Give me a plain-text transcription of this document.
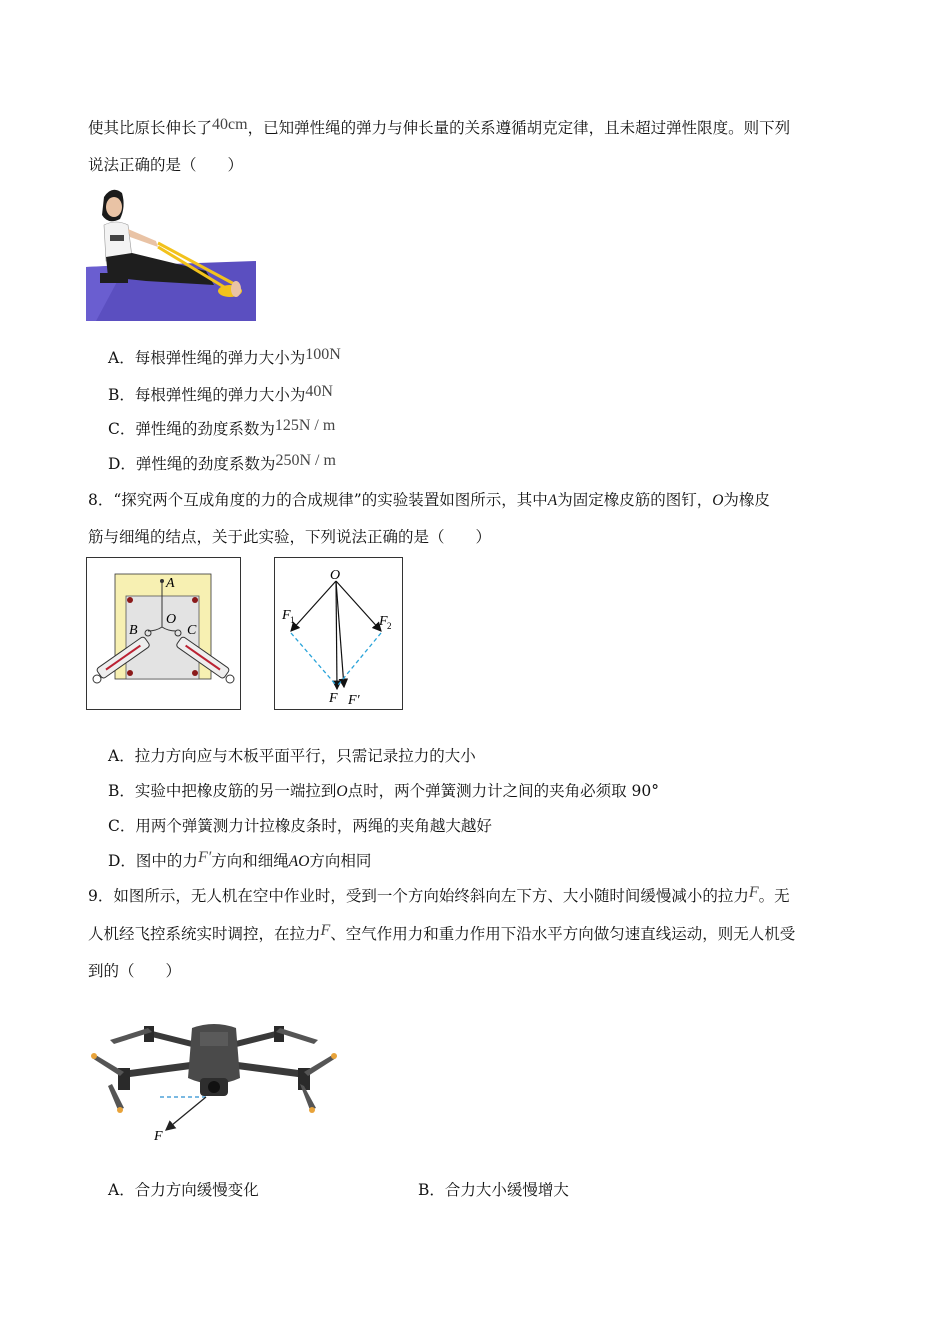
使其比原长伸长了40cm，已知弹性绳的弹力与伸长量的关系遵循胡克定律，且未超过弹性限度。则下列
说法正确的是（　　）
A．每根弹性绳的弹力大小为100N
B．每根弹性绳的弹力大小为40N
C．弹性绳的劲度系数为125N / m
D．弹性绳的劲度系数为250N / m
8．“探究两个互成角度的力的合成规律”的实验装置如图所示，其中A为固定橡皮筋的图钉，O为橡皮
筋与细绳的结点，关于此实验，下列说法正确的是（　　）
A
O
B	C
O
F 1	F 2
F F′
A．拉力方向应与木板平面平行，只需记录拉力的大小
B．实验中把橡皮筋的另一端拉到O点时，两个弹簧测力计之间的夹角必须取 90°
C．用两个弹簧测力计拉橡皮条时，两绳的夹角越大越好
D．图中的力F′方向和细绳AO方向相同
9．如图所示，无人机在空中作业时，受到一个方向始终斜向左下方、大小随时间缓慢减小的拉力F。无
人机经飞控系统实时调控，在拉力F、空气作用力和重力作用下沿水平方向做匀速直线运动，则无人机受
到的（　　）
F
A．合力方向缓慢变化	B．合力大小缓慢增大
